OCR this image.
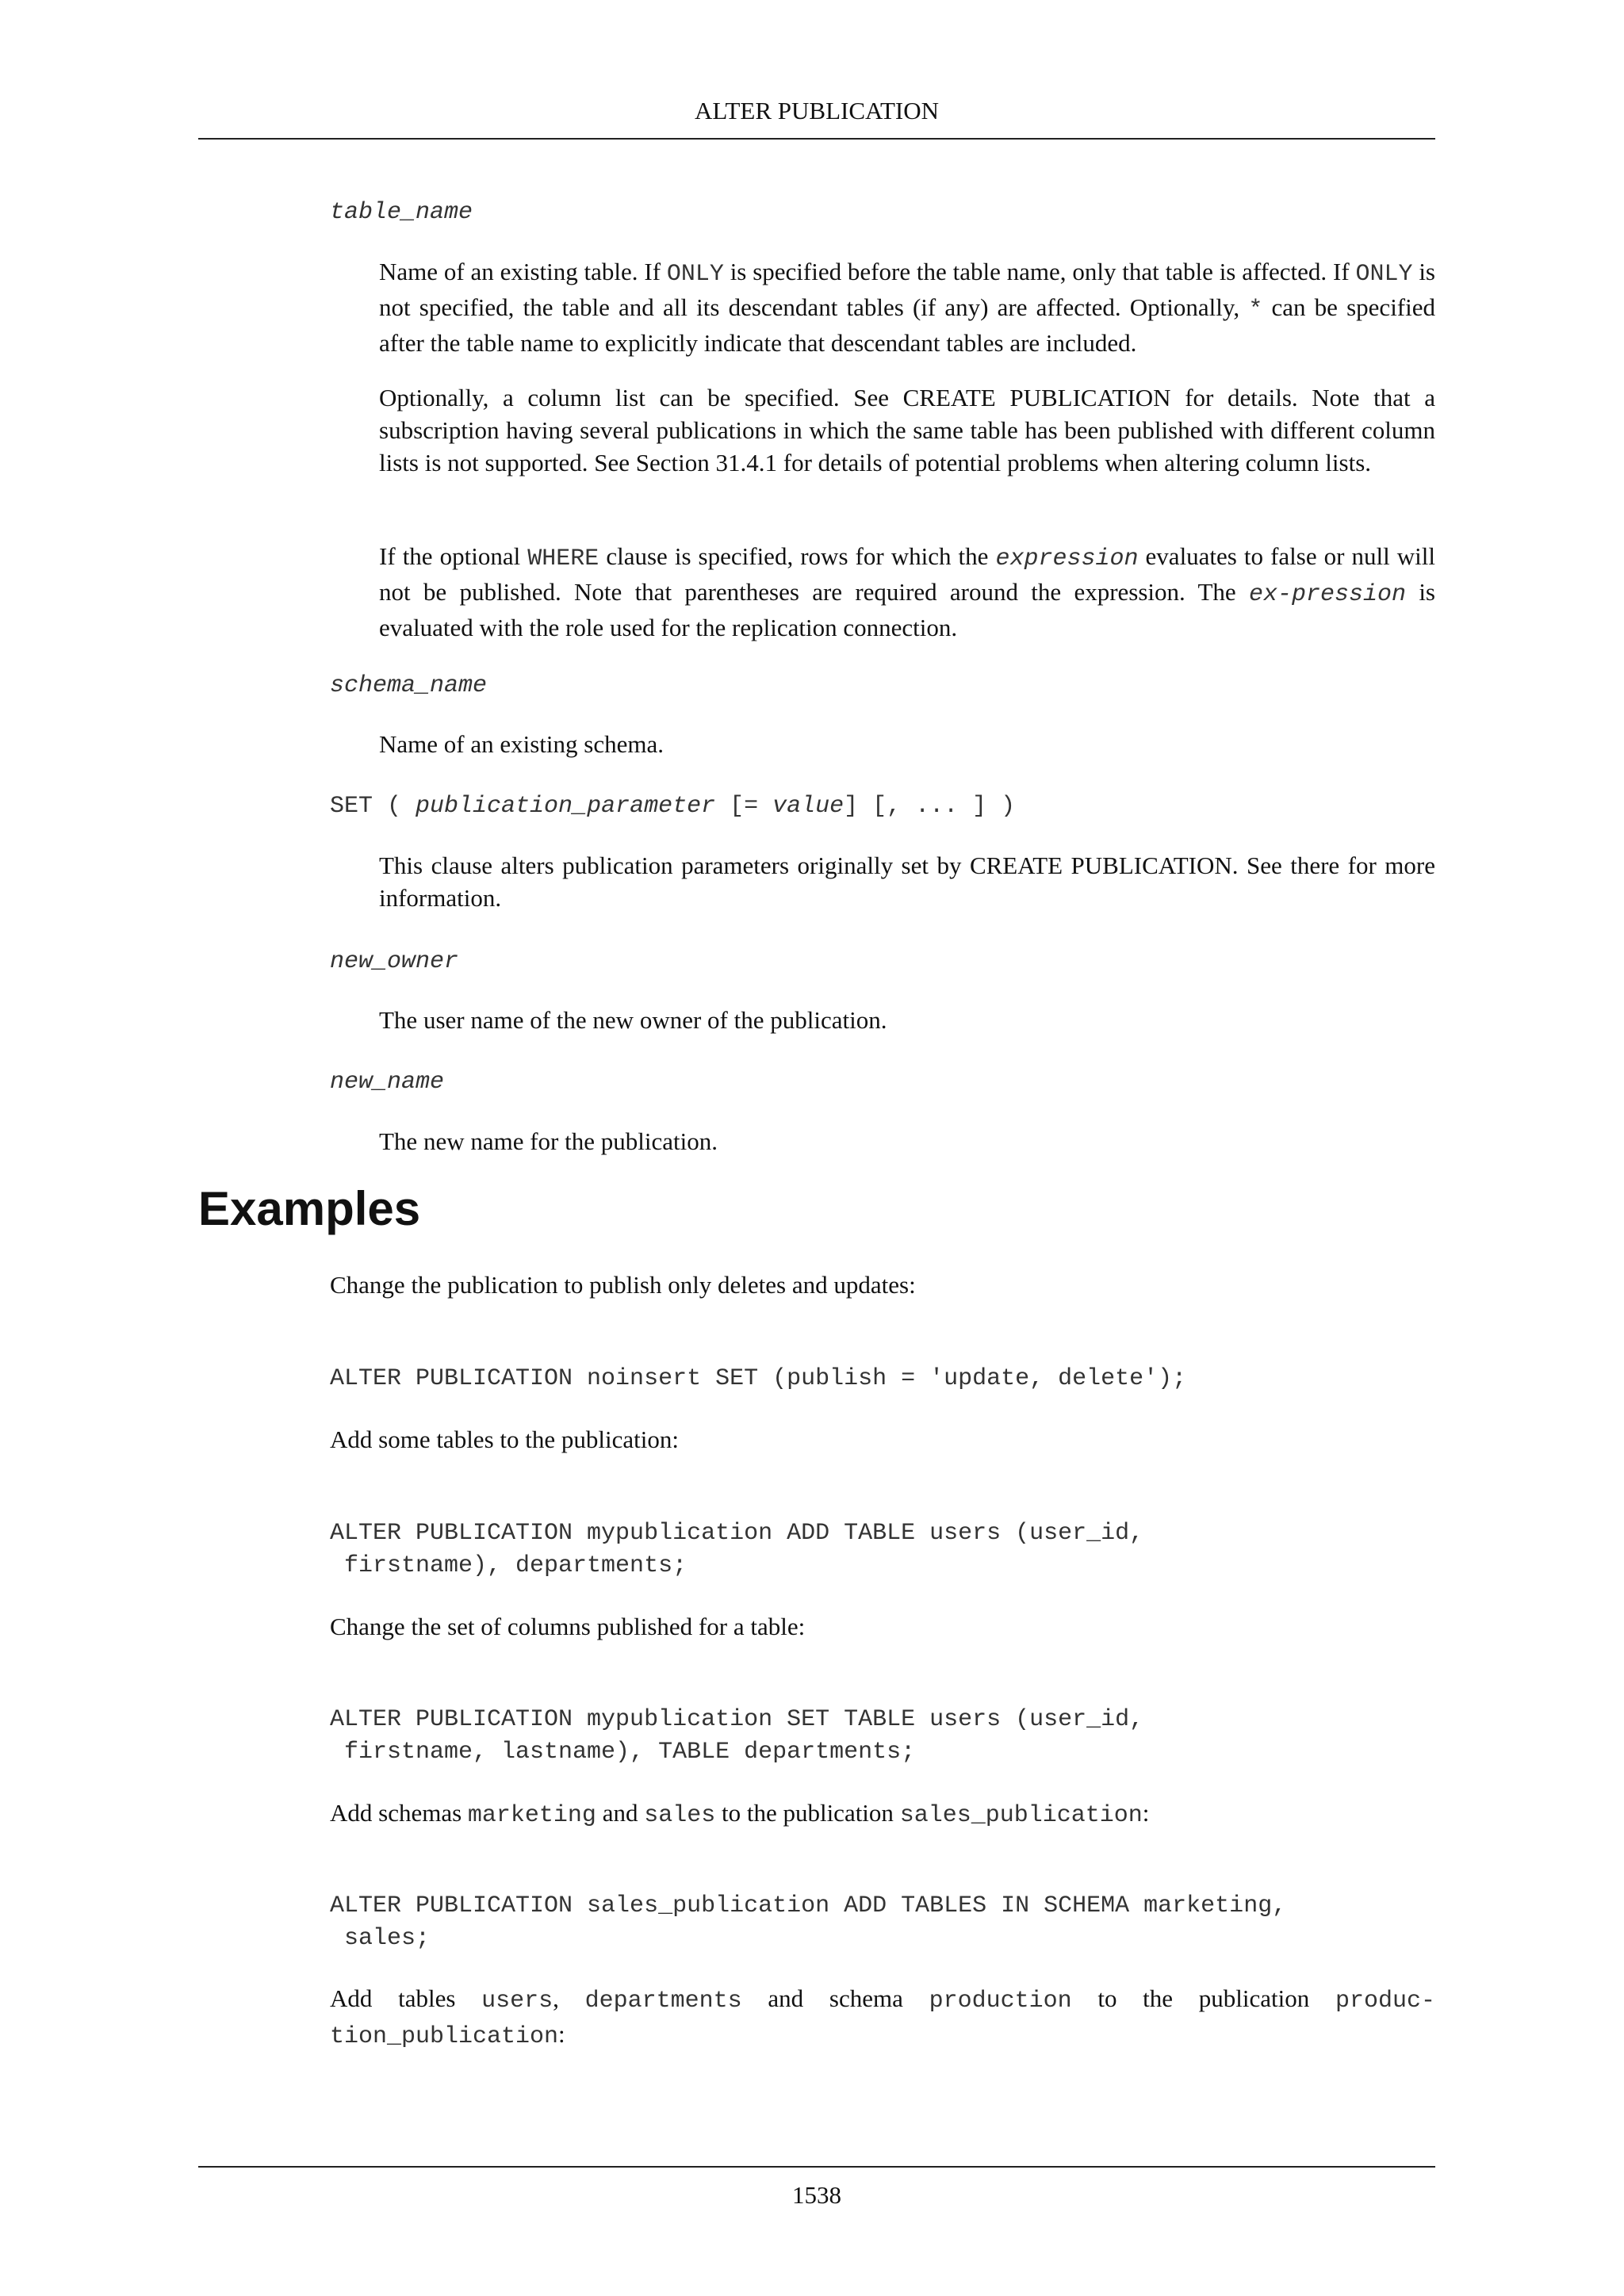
ALTER PUBLICATION
table_name

Name of an existing table. If ONLY is specified before the table name, only that table is affected. If ONLY is not specified, the table and all its descendant tables (if any) are affected. Optionally, * can be specified after the table name to explicitly indicate that descendant tables are included.

Optionally, a column list can be specified. See CREATE PUBLICATION for details. Note that a subscription having several publications in which the same table has been published with different column lists is not supported. See Section 31.4.1 for details of potential problems when altering column lists.

If the optional WHERE clause is specified, rows for which the expression evaluates to false or null will not be published. Note that parentheses are required around the expression. The ex-pression is evaluated with the role used for the replication connection.

schema_name

Name of an existing schema.

SET ( publication_parameter [= value] [, ... ] )

This clause alters publication parameters originally set by CREATE PUBLICATION. See there for more information.

new_owner

The user name of the new owner of the publication.

new_name

The new name for the publication.

Examples

Change the publication to publish only deletes and updates:

ALTER PUBLICATION noinsert SET (publish = 'update, delete');

Add some tables to the publication:

ALTER PUBLICATION mypublication ADD TABLE users (user_id,
firstname), departments;

Change the set of columns published for a table:

ALTER PUBLICATION mypublication SET TABLE users (user_id,
firstname, lastname), TABLE departments;

Add schemas marketing and sales to the publication sales_publication:

ALTER PUBLICATION sales_publication ADD TABLES IN SCHEMA marketing,
sales;

Add tables users, departments and schema production to the publication produc-tion_publication:

1538
